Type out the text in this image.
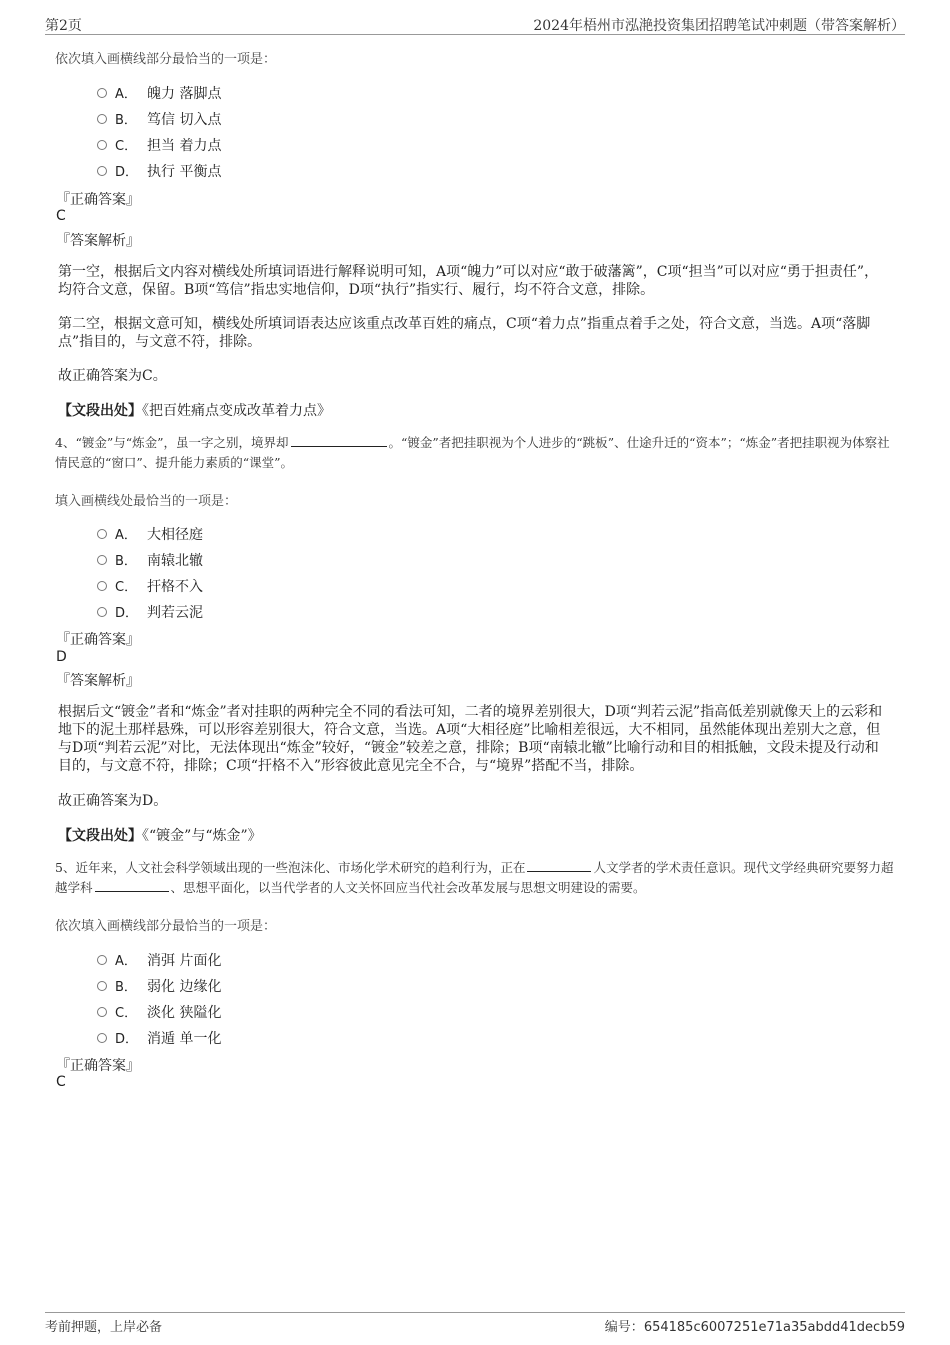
第2页	2024年梧州市泓滟投资集团招聘笔试冲刺题（带答案解析）
依次填入画横线部分最恰当的一项是：
A． 魄力 落脚点
B． 笃信 切入点
C． 担当 着力点
D． 执行 平衡点
『正确答案』
C
『答案解析』
第一空，根据后文内容对横线处所填词语进行解释说明可知，A项“魄力”可以对应“敢于破藩篱”，C项“担当”可以对应“勇于担责任”，均符合文意，保留。B项“笃信”指忠实地信仰，D项“执行”指实行、履行，均不符合文意，排除。
第二空，根据文意可知，横线处所填词语表达应该重点改革百姓的痛点，C项“着力点”指重点着手之处，符合文意，当选。A项“落脚点”指目的，与文意不符，排除。
故正确答案为C。
【文段出处】《把百姓痛点变成改革着力点》
4、“镀金”与“炼金”，虽一字之别，境界却	。“镀金”者把挂职视为个人进步的“跳板”、仕途升迁的“资本”；“炼金”者把挂职视为体察社情民意的“窗口”、提升能力素质的“课堂”。
填入画横线处最恰当的一项是：
A． 大相径庭
B． 南辕北辙
C． 扞格不入
D． 判若云泥
『正确答案』
D
『答案解析』
根据后文“镀金”者和“炼金”者对挂职的两种完全不同的看法可知，二者的境界差别很大，D项“判若云泥”指高低差别就像天上的云彩和地下的泥土那样悬殊，可以形容差别很大，符合文意，当选。A项“大相径庭”比喻相差很远，大不相同，虽然能体现出差别大之意，但与D项“判若云泥”对比，无法体现出“炼金”较好，“镀金”较差之意，排除；B项“南辕北辙”比喻行动和目的相抵触，文段未提及行动和目的，与文意不符，排除；C项“扞格不入”形容彼此意见完全不合，与“境界”搭配不当，排除。
故正确答案为D。
【文段出处】《“镀金”与“炼金”》
5、近年来，人文社会科学领域出现的一些泡沫化、市场化学术研究的趋利行为，正在	人文学者的学术责任意识。现代文学经典研究要努力超越学科	、思想平面化，以当代学者的人文关怀回应当代社会改革发展与思想文明建设的需要。
依次填入画横线部分最恰当的一项是：
A． 消弭 片面化
B． 弱化 边缘化
C． 淡化 狭隘化
D． 消遁 单一化
『正确答案』
C
考前押题，上岸必备	编号：654185c6007251e71a35abdd41decb59
